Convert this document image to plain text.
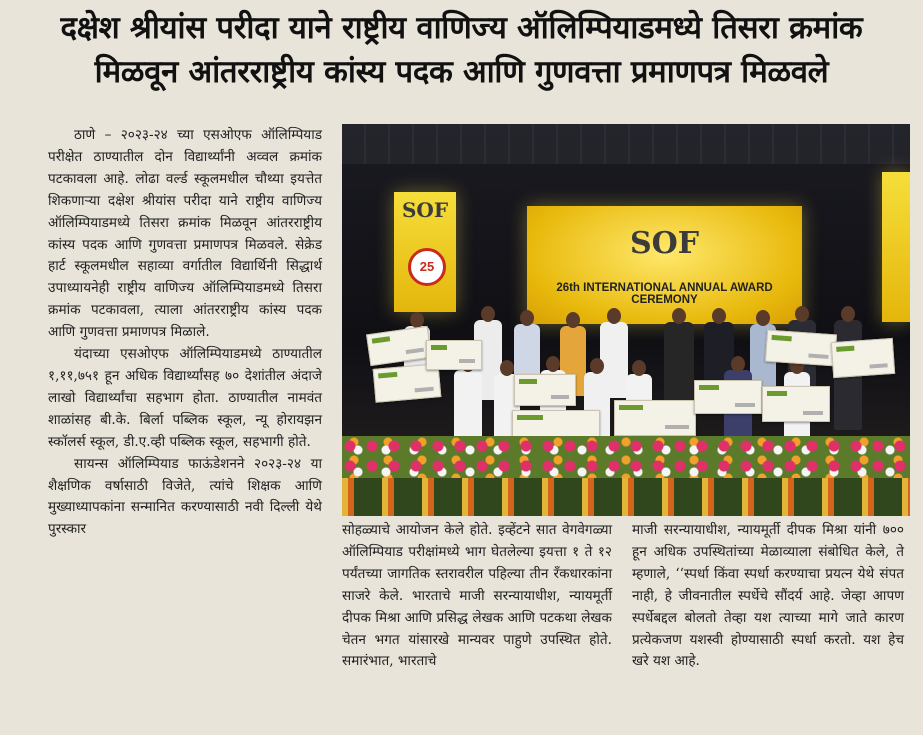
दक्षेश श्रीयांस परीदा याने राष्ट्रीय वाणिज्य ऑलिम्पियाडमध्ये तिसरा क्रमांक
मिळवून आंतरराष्ट्रीय कांस्य पदक आणि गुणवत्ता प्रमाणपत्र मिळवले

ठाणे – २०२३-२४ च्या एसओएफ ऑलिम्पियाड परीक्षेत ठाण्यातील दोन विद्यार्थ्यांनी अव्वल क्रमांक पटकावला आहे. लोढा वर्ल्ड स्कूलमधील चौथ्या इयत्तेत शिकणाऱ्या दक्षेश श्रीयांस परीदा याने राष्ट्रीय वाणिज्य ऑलिम्पियाडमध्ये तिसरा क्रमांक मिळवून आंतरराष्ट्रीय कांस्य पदक आणि गुणवत्ता प्रमाणपत्र मिळवले. सेक्रेड हार्ट स्कूलमधील सहाव्या वर्गातील विद्यार्थिनी सिद्धार्थ उपाध्यायनेही राष्ट्रीय वाणिज्य ऑलिम्पियाडमध्ये तिसरा क्रमांक पटकावला, त्याला आंतरराष्ट्रीय कांस्य पदक आणि गुणवत्ता प्रमाणपत्र मिळाले.

यंदाच्या एसओएफ ऑलिम्पियाडमध्ये ठाण्यातील १,११,७५१ हून अधिक विद्यार्थ्यांसह ७० देशांतील अंदाजे लाखो विद्यार्थ्यांचा सहभाग होता. ठाण्यातील नामवंत शाळांसह बी.के. बिर्ला पब्लिक स्कूल, न्यू होरायझन स्कॉलर्स स्कूल, डी.ए.व्ही पब्लिक स्कूल, सहभागी होते.

सायन्स ऑलिम्पियाड फाऊंडेशनने २०२३-२४ या शैक्षणिक वर्षासाठी विजेते, त्यांचे शिक्षक आणि मुख्याध्यापकांना सन्मानित करण्यासाठी नवी दिल्ली येथे पुरस्कार

SOF
25
SOF
26th INTERNATIONAL ANNUAL AWARD CEREMONY

सोहळ्याचे आयोजन केले होते. इव्हेंटने सात वेगवेगळ्या ऑलिम्पियाड परीक्षांमध्ये भाग घेतलेल्या इयत्ता १ ते १२ पर्यंतच्या जागतिक स्तरावरील पहिल्या तीन रँकधारकांना साजरे केले. भारताचे माजी सरन्यायाधीश, न्यायमूर्ती दीपक मिश्रा आणि प्रसिद्ध लेखक आणि पटकथा लेखक चेतन भगत यांसारखे मान्यवर पाहुणे उपस्थित होते. समारंभात, भारताचे

माजी सरन्यायाधीश, न्यायमूर्ती दीपक मिश्रा यांनी ७०० हून अधिक उपस्थितांच्या मेळाव्याला संबोधित केले, ते म्हणाले, ‘‘स्पर्धा किंवा स्पर्धा करण्याचा प्रयत्न येथे संपत नाही, हे जीवनातील स्पर्धेचे सौंदर्य आहे. जेव्हा आपण स्पर्धेबद्दल बोलतो तेव्हा यश त्याच्या मागे जाते कारण प्रत्येकजण यशस्वी होण्यासाठी स्पर्धा करतो. यश हेच खरे यश आहे.
